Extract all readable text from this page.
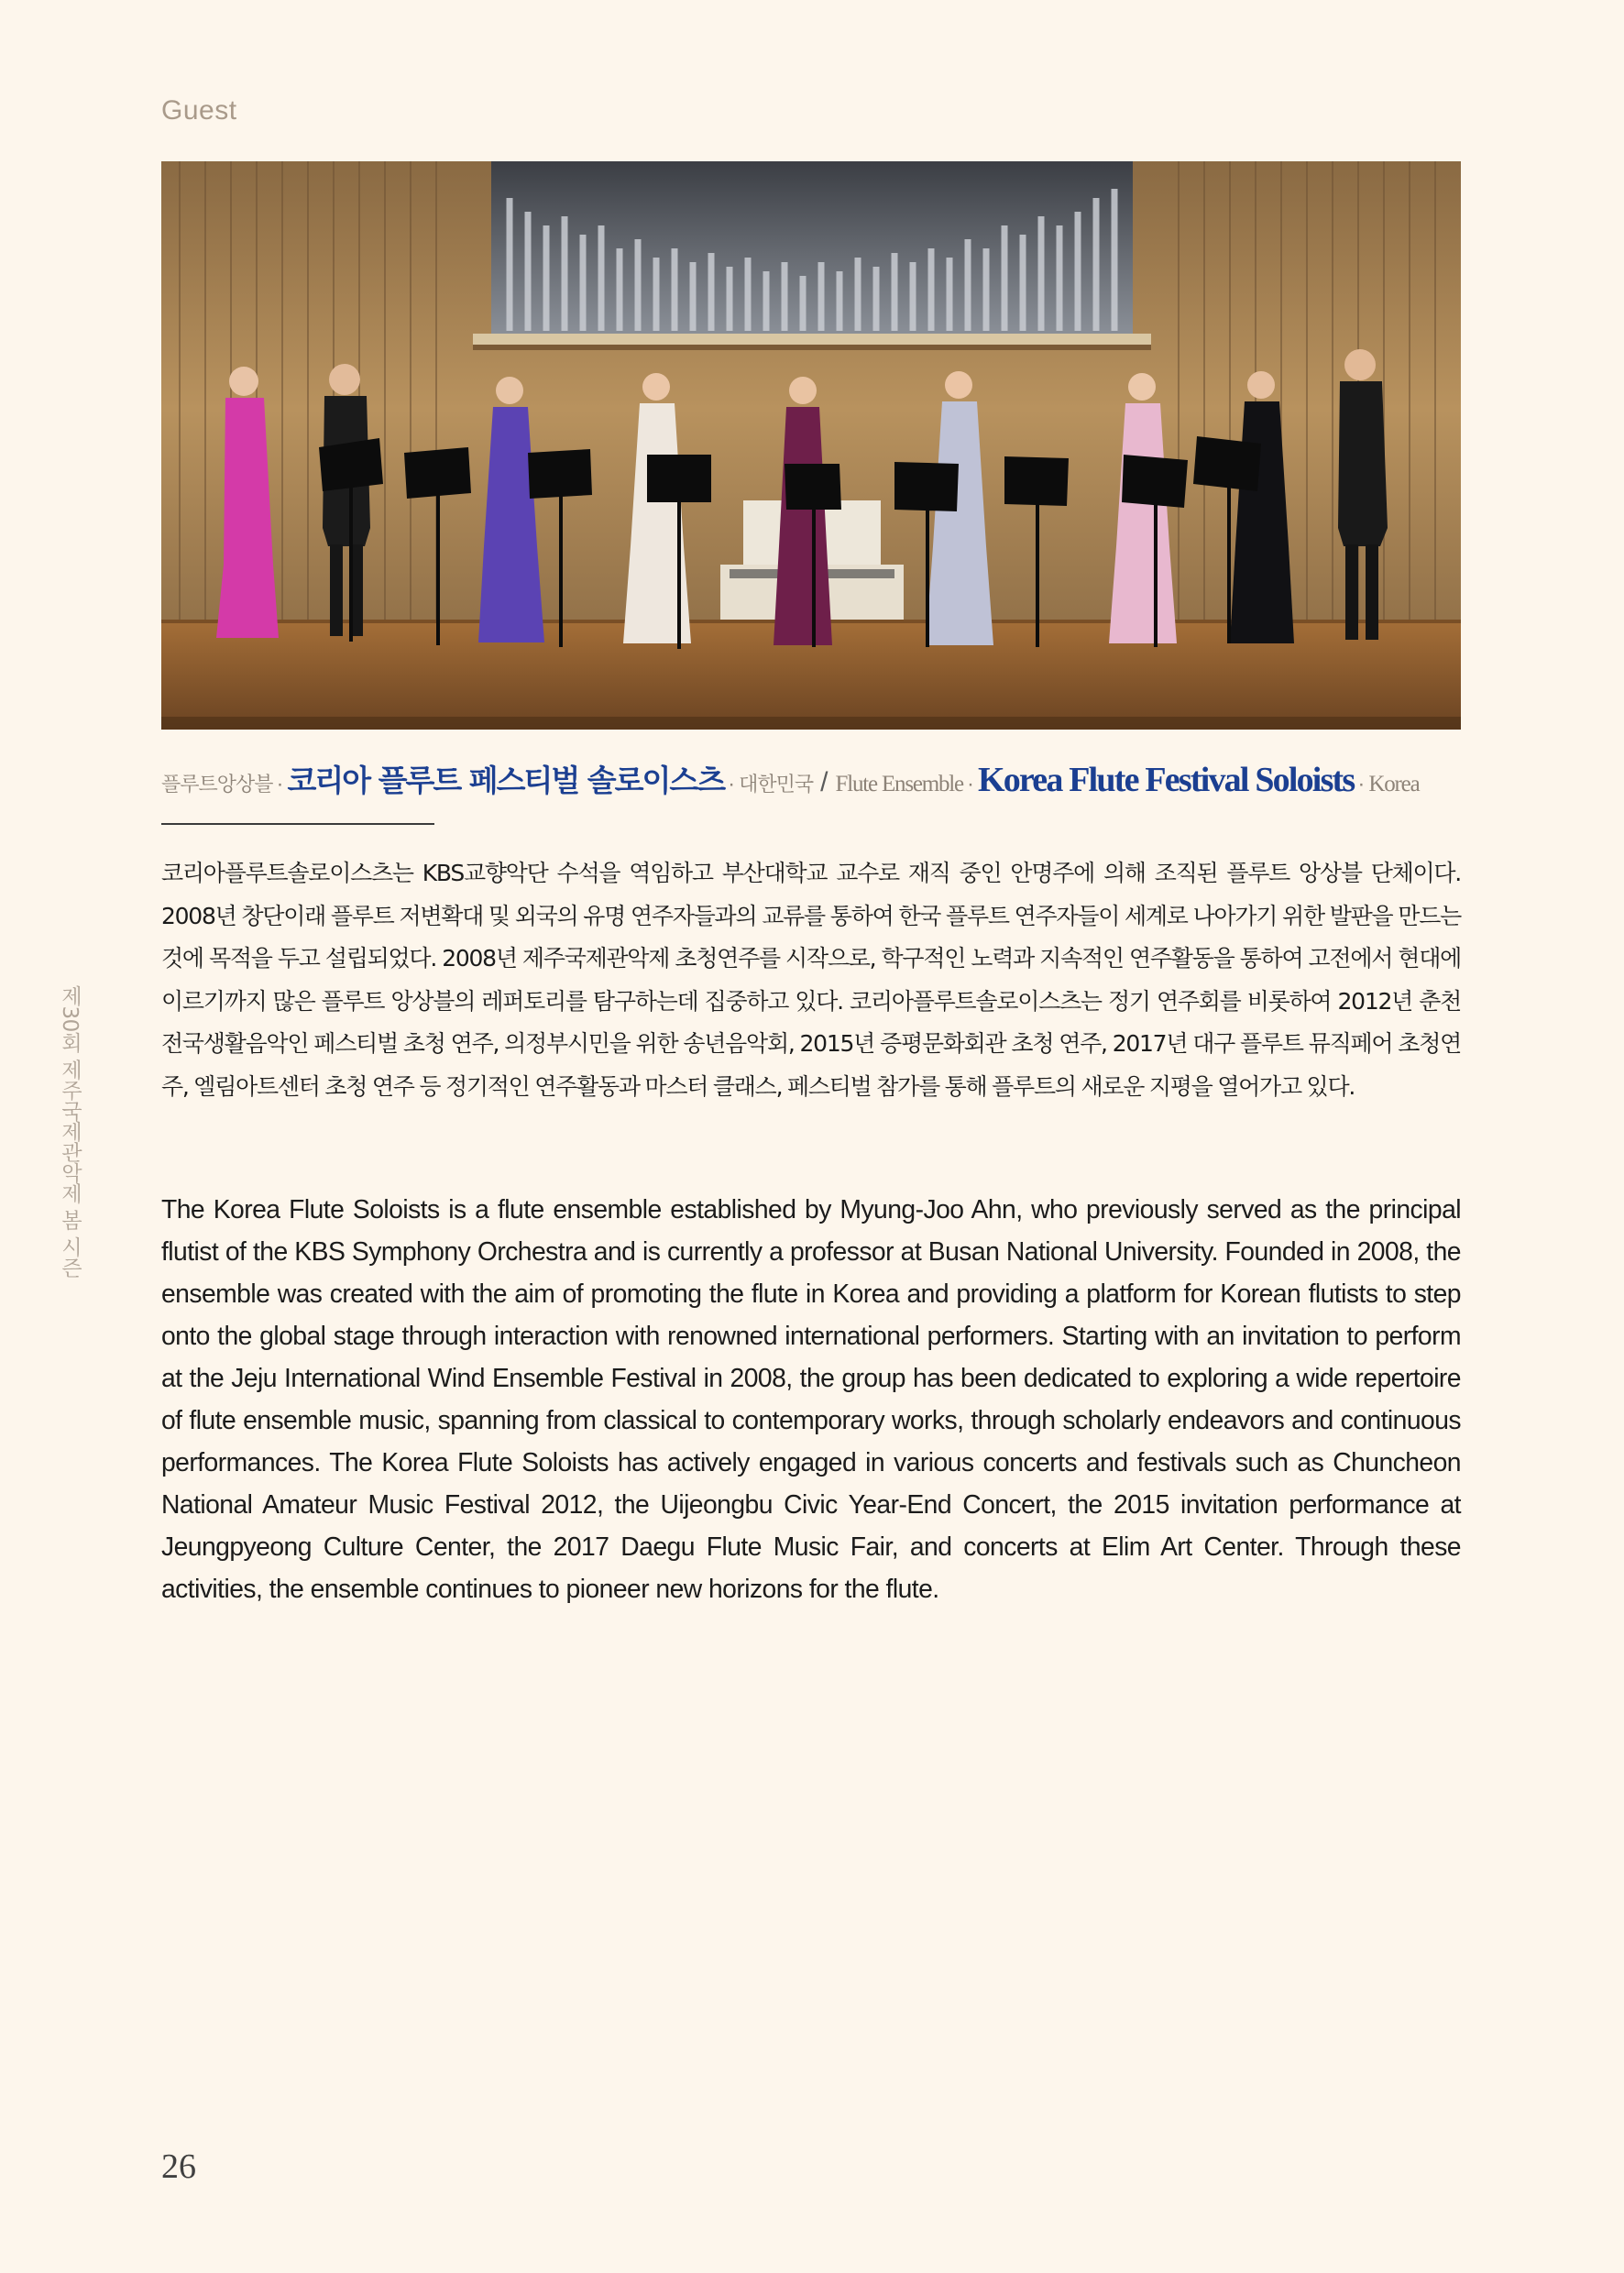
Guest
플루트앙상블 · 코리아 플루트 페스티벌 솔로이스츠 · 대한민국 / Flute Ensemble · Korea Flute Festival Soloists · Korea

코리아플루트솔로이스츠는 KBS교향악단 수석을 역임하고 부산대학교 교수로 재직 중인 안명주에 의해 조직된 플루트 앙상블 단체이다. 2008년 창단이래 플루트 저변확대 및 외국의 유명 연주자들과의 교류를 통하여 한국 플루트 연주자들이 세계로 나아가기 위한 발판을 만드는 것에 목적을 두고 설립되었다. 2008년 제주국제관악제 초청연주를 시작으로, 학구적인 노력과 지속적인 연주활동을 통하여 고전에서 현대에 이르기까지 많은 플루트 앙상블의 레퍼토리를 탐구하는데 집중하고 있다. 코리아플루트솔로이스츠는 정기 연주회를 비롯하여 2012년 춘천전국생활음악인 페스티벌 초청 연주, 의정부시민을 위한 송년음악회, 2015년 증평문화회관 초청 연주, 2017년 대구 플루트 뮤직페어 초청연주, 엘림아트센터 초청 연주 등 정기적인 연주활동과 마스터 클래스, 페스티벌 참가를 통해 플루트의 새로운 지평을 열어가고 있다.

The Korea Flute Soloists is a flute ensemble established by Myung-Joo Ahn, who previously served as the principal flutist of the KBS Symphony Orchestra and is currently a professor at Busan National University. Founded in 2008, the ensemble was created with the aim of promoting the flute in Korea and providing a platform for Korean flutists to step onto the global stage through interaction with renowned international performers. Starting with an invitation to perform at the Jeju International Wind Ensemble Festival in 2008, the group has been dedicated to exploring a wide repertoire of flute ensemble music, spanning from classical to contemporary works, through scholarly endeavors and continuous performances. The Korea Flute Soloists has actively engaged in various concerts and festivals such as Chuncheon National Amateur Music Festival 2012, the Uijeongbu Civic Year-End Concert, the 2015 invitation performance at Jeungpyeong Culture Center, the 2017 Daegu Flute Music Fair, and concerts at Elim Art Center. Through these activities, the ensemble continues to pioneer new horizons for the flute.

제30회 제주국제관악제 봄 시즌
26
